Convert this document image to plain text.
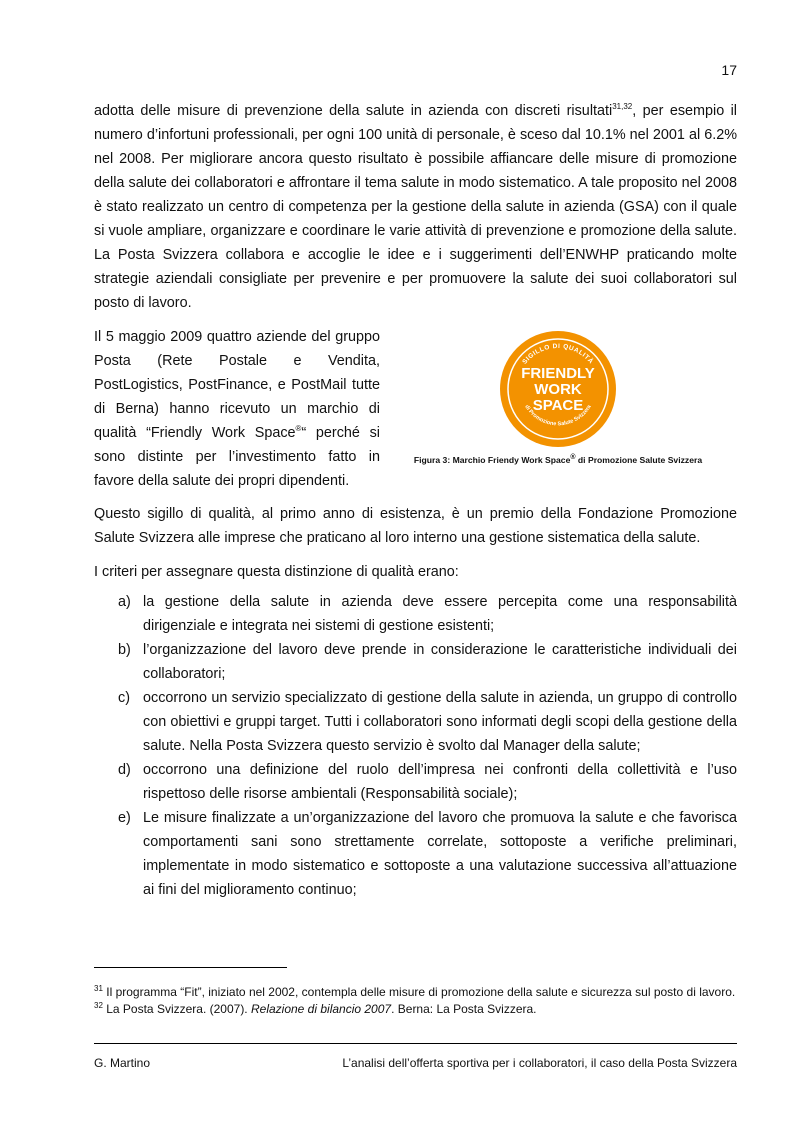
17

adotta delle misure di prevenzione della salute in azienda con discreti risultati$^{31,32}$, per esempio il numero d’infortuni professionali, per ogni 100 unità di personale, è sceso dal 10.1% nel 2001 al 6.2% nel 2008. Per migliorare ancora questo risultato è possibile affiancare delle misure di promozione della salute dei collaboratori e affrontare il tema salute in modo sistematico. A tale proposito nel 2008 è stato realizzato un centro di competenza per la gestione della salute in azienda (GSA) con il quale si vuole ampliare, organizzare e coordinare le varie attività di prevenzione e promozione della salute. La Posta Svizzera collabora e accoglie le idee e i suggerimenti dell’ENWHP praticando molte strategie aziendali consigliate per prevenire e per promuovere la salute dei suoi collaboratori sul posto di lavoro.

Il 5 maggio 2009 quattro aziende del gruppo Posta (Rete Postale e Vendita, PostLogistics, PostFinance, e PostMail tutte di Berna) hanno ricevuto un marchio di qualità “Friendly Work Space®“ perché si sono distinte per l’investimento fatto in favore della salute dei propri dipendenti.

SIGILLO DI QUALITÀ
di Promozione Salute Svizzera
FRIENDLY
WORK
SPACE
Figura 3: Marchio Friendy Work Space® di Promozione Salute Svizzera

Questo sigillo di qualità, al primo anno di esistenza, è un premio della Fondazione Promozione Salute Svizzera alle imprese che praticano al loro interno una gestione sistematica della salute.

I criteri per assegnare questa distinzione di qualità erano:

a) la gestione della salute in azienda deve essere percepita come una responsabilità dirigenziale e integrata nei sistemi di gestione esistenti;
b) l’organizzazione del lavoro deve prende in considerazione le caratteristiche individuali dei collaboratori;
c) occorrono un servizio specializzato di gestione della salute in azienda, un gruppo di controllo con obiettivi e gruppi target. Tutti i collaboratori sono informati degli scopi della gestione della salute. Nella Posta Svizzera questo servizio è svolto dal Manager della salute;
d) occorrono una definizione del ruolo dell’impresa nei confronti della collettività e l’uso rispettoso delle risorse ambientali (Responsabilità sociale);
e) Le misure finalizzate a un’organizzazione del lavoro che promuova la salute e che favorisca comportamenti sani sono strettamente correlate, sottoposte a verifiche preliminari, implementate in modo sistematico e sottoposte a una valutazione successiva all’attuazione ai fini del miglioramento continuo;

$^{31}$ Il programma “Fit”, iniziato nel 2002, contempla delle misure di promozione della salute e sicurezza sul posto di lavoro.

$^{32}$ La Posta Svizzera. (2007). Relazione di bilancio 2007. Berna: La Posta Svizzera.

G. Martino	L’analisi dell’offerta sportiva per i collaboratori, il caso della Posta Svizzera
